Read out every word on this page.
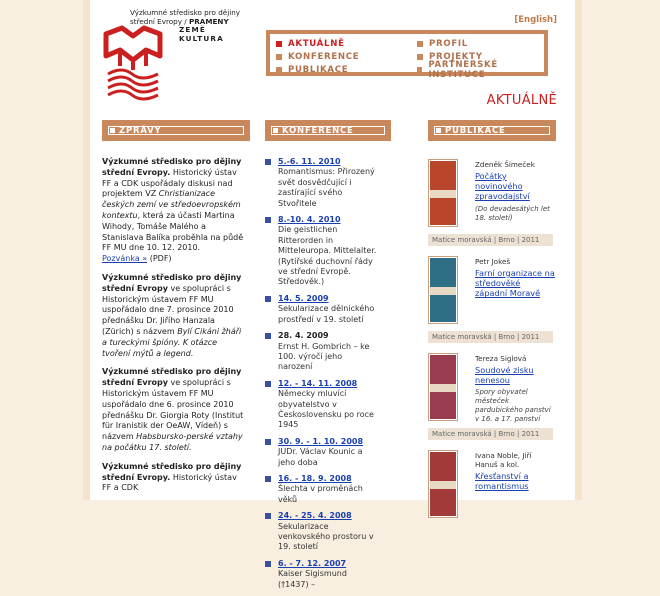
Výzkumné středisko pro dějiny
střední Evropy / PRAMENY
ZEMĚ
KULTURA
[English]
AKTUÁLNĚ
KONFERENCE
PUBLIKACE
PROFIL
PROJEKTY
PARTNERSKÉ INSTITUCE
AKTUÁLNĚ
ZPRÁVY
Výzkumné středisko pro dějiny střední Evropy. Historický ústav FF a CDK uspořádaly diskusi nad projektem VZ Christianizace českých zemí ve středoevropském kontextu, která za účasti Martina Wihody, Tomáše Malého a Stanislava Balíka proběhla na půdě FF MU dne 10. 12. 2010.
Pozvánka » (PDF)
Výzkumné středisko pro dějiny střední Evropy ve spolupráci s Historickým ústavem FF MU uspořádalo dne 7. prosince 2010 přednášku Dr. Jiřího Hanzala (Zürich) s názvem Bylí Cikáni žháři a tureckými špióny. K otázce tvoření mýtů a legend.
Výzkumné středisko pro dějiny střední Evropy ve spolupráci s Historickým ústavem FF MU uspořádalo dne 6. prosince 2010 přednášku Dr. Giorgia Roty (Institut für Iranistik der OeAW, Vídeň) s názvem Habsbursko-perské vztahy na počátku 17. století.
Výzkumné středisko pro dějiny střední Evropy. Historický ústav FF a CDK
KONFERENCE
5.-6. 11. 2010
Romantismus: Přirozený svět dosvědčující i zastírající svého Stvořitele
8.-10. 4. 2010
Die geistlichen Ritterorden in Mitteleuropa. Mittelalter. (Rytířské duchovní řády ve střední Evropě. Středověk.)
14. 5. 2009
Sekularizace dělnického prostředí v 19. století
28. 4. 2009
Ernst H. Gombrich – ke 100. výročí jeho narození
12. - 14. 11. 2008
Německy mluvící obyvatelstvo v Československu po roce 1945
30. 9. - 1. 10. 2008
JUDr. Václav Kounic a jeho doba
16. - 18. 9. 2008
Šlechta v proměnách věků
24. - 25. 4. 2008
Sekularizace venkovského prostoru v 19. století
6. - 7. 12. 2007
Kaiser Sigismund (†1437) –
PUBLIKACE
Zdeněk Šimeček
Počátky novinového zpravodajství
(Do devadesátých let 18. století)
Matice moravská | Brno | 2011
Petr Jokeš
Farní organizace na středověké západní Moravě
Matice moravská | Brno | 2011
Tereza Siglová
Soudové zisku nenesou
Spory obyvatel městeček pardubického panství v 16. a 17. panství
Matice moravská | Brno | 2011
Ivana Noble, Jiří Hanuš a kol.
Křesťanství a romantismus
